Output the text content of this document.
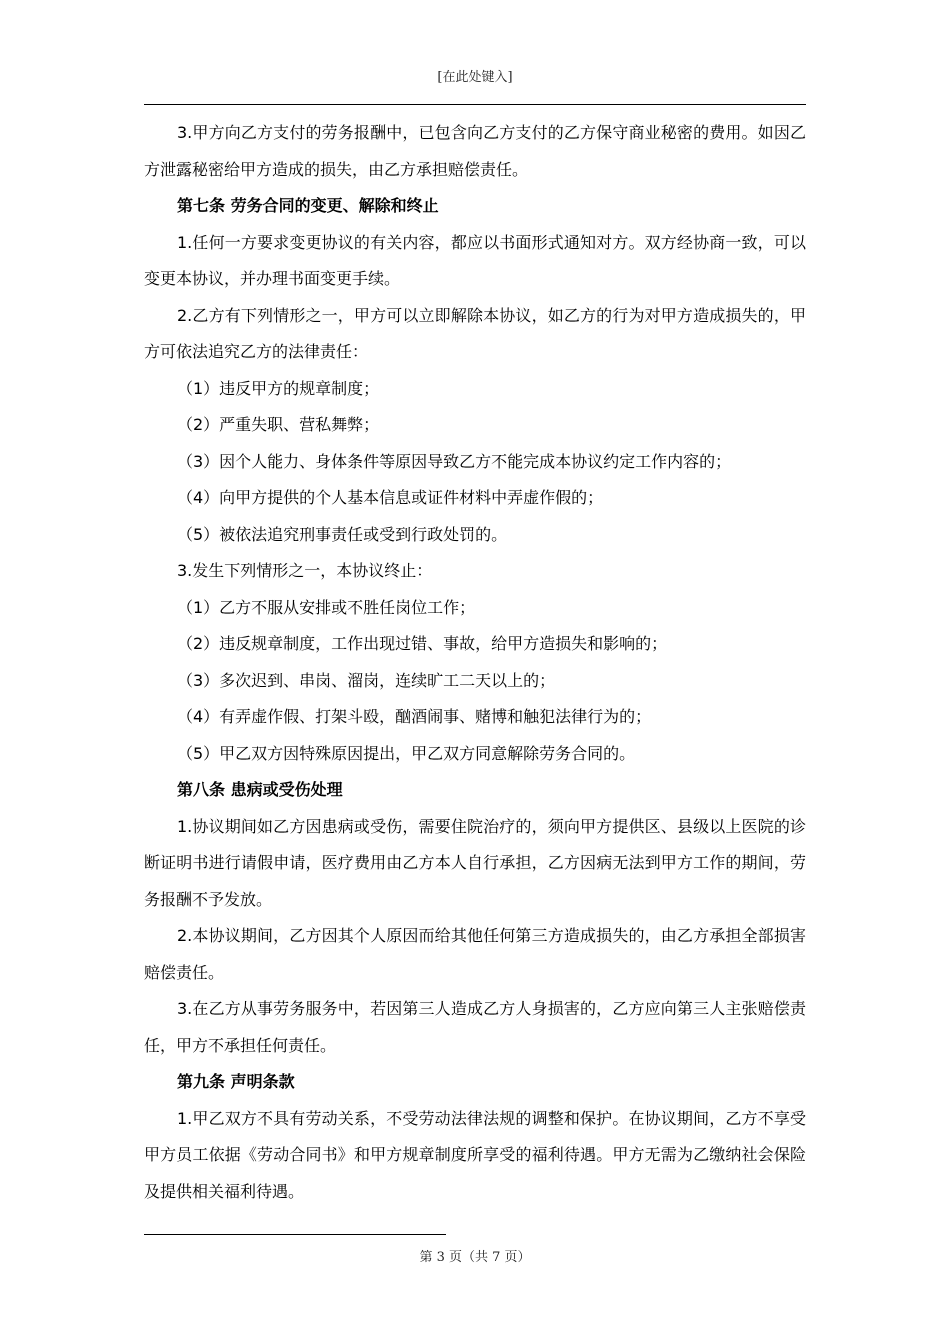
[在此处键入]

3.甲方向乙方支付的劳务报酬中，已包含向乙方支付的乙方保守商业秘密的费用。如因乙方泄露秘密给甲方造成的损失，由乙方承担赔偿责任。

第七条 劳务合同的变更、解除和终止

1.任何一方要求变更协议的有关内容，都应以书面形式通知对方。双方经协商一致，可以变更本协议，并办理书面变更手续。

2.乙方有下列情形之一，甲方可以立即解除本协议，如乙方的行为对甲方造成损失的，甲方可依法追究乙方的法律责任：

（1）违反甲方的规章制度；

（2）严重失职、营私舞弊；

（3）因个人能力、身体条件等原因导致乙方不能完成本协议约定工作内容的；

（4）向甲方提供的个人基本信息或证件材料中弄虚作假的；

（5）被依法追究刑事责任或受到行政处罚的。

3.发生下列情形之一，本协议终止：

（1）乙方不服从安排或不胜任岗位工作；

（2）违反规章制度，工作出现过错、事故，给甲方造损失和影响的；

（3）多次迟到、串岗、溜岗，连续旷工二天以上的；

（4）有弄虚作假、打架斗殴，酗酒闹事、赌博和触犯法律行为的；

（5）甲乙双方因特殊原因提出，甲乙双方同意解除劳务合同的。

第八条 患病或受伤处理

1.协议期间如乙方因患病或受伤，需要住院治疗的，须向甲方提供区、县级以上医院的诊断证明书进行请假申请，医疗费用由乙方本人自行承担，乙方因病无法到甲方工作的期间，劳务报酬不予发放。

2.本协议期间，乙方因其个人原因而给其他任何第三方造成损失的，由乙方承担全部损害赔偿责任。

3.在乙方从事劳务服务中，若因第三人造成乙方人身损害的，乙方应向第三人主张赔偿责任，甲方不承担任何责任。

第九条 声明条款

1.甲乙双方不具有劳动关系，不受劳动法律法规的调整和保护。在协议期间，乙方不享受甲方员工依据《劳动合同书》和甲方规章制度所享受的福利待遇。甲方无需为乙缴纳社会保险及提供相关福利待遇。

第 3 页（共 7 页）
